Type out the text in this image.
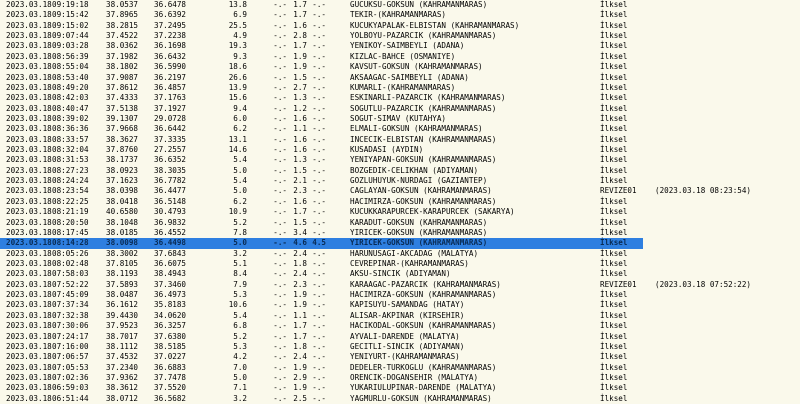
2023.03.18 09:19:18 38.0537 36.6478	13.8	-.- 1.7 -.-	GUCUKSU-GOKSUN (KAHRAMANMARAS)	İlksel
2023.03.18 09:15:42 37.8965 36.6392	6.9	-.- 1.7 -.-	TEKIR-(KAHRAMANMARAS)	İlksel
2023.03.18 09:15:02 38.2815 37.2495	25.5	-.- 1.6 -.-	KUCUKYAPALAK-ELBISTAN (KAHRAMANMARAS)	İlksel
2023.03.18 09:07:44 37.4522 37.2238	4.9	-.- 2.8 -.-	YOLBOYU-PAZARCIK (KAHRAMANMARAS)	İlksel
2023.03.18 09:03:28 38.0362 36.1698	19.3	-.- 1.7 -.-	YENIKOY-SAIMBEYLI (ADANA)	İlksel
2023.03.18 08:56:39 37.1982 36.6432	9.3	-.- 1.9 -.-	KIZLAC-BAHCE (OSMANIYE)	İlksel
2023.03.18 08:55:04 38.1802 36.5990	18.6	-.- 1.9 -.-	KAVSUT-GOKSUN (KAHRAMANMARAS)	İlksel
2023.03.18 08:53:40 37.9087 36.2197	26.6	-.- 1.5 -.-	AKSAAGAC-SAIMBEYLI (ADANA)	İlksel
2023.03.18 08:49:20 37.8612 36.4857	13.9	-.- 2.7 -.-	KUMARLI-(KAHRAMANMARAS)	İlksel
2023.03.18 08:42:03 37.4333 37.1763	15.6	-.- 1.3 -.-	ESKINARLI-PAZARCIK (KAHRAMANMARAS)	İlksel
2023.03.18 08:40:47 37.5138 37.1927	9.4	-.- 1.2 -.-	SOGUTLU-PAZARCIK (KAHRAMANMARAS)	İlksel
2023.03.18 08:39:02 39.1307 29.0728	6.0	-.- 1.6 -.-	SOGUT-SIMAV (KUTAHYA)	İlksel
2023.03.18 08:36:36 37.9668 36.6442	6.2	-.- 1.1 -.-	ELMALI-GOKSUN (KAHRAMANMARAS)	İlksel
2023.03.18 08:33:57 38.3627 37.3335	13.1	-.- 1.6 -.-	INCECIK-ELBISTAN (KAHRAMANMARAS)	İlksel
2023.03.18 08:32:04 37.8760 27.2557	14.6	-.- 1.6 -.-	KUSADASI (AYDIN)	İlksel
2023.03.18 08:31:53 38.1737 36.6352	5.4	-.- 1.3 -.-	YENIYAPAN-GOKSUN (KAHRAMANMARAS)	İlksel
2023.03.18 08:27:23 38.0923 38.3035	5.0	-.- 1.5 -.-	BOZGEDIK-CELIKHAN (ADIYAMAN)	İlksel
2023.03.18 08:24:24 37.1623 36.7782	5.4	-.- 2.1 -.-	GOZLUHUYUK-NURDAGI (GAZIANTEP)	İlksel
2023.03.18 08:23:54 38.0398 36.4477	5.0	-.- 2.3 -.-	CAGLAYAN-GOKSUN (KAHRAMANMARAS)	REVIZE01 (2023.03.18 08:23:54)
2023.03.18 08:22:25 38.0418 36.5148	6.2	-.- 1.6 -.-	HACIMIRZA-GOKSUN (KAHRAMANMARAS)	İlksel
2023.03.18 08:21:19 40.6580 30.4793	10.9	-.- 1.7 -.-	KUCUKKARAPURCEK-KARAPURCEK (SAKARYA)	İlksel
2023.03.18 08:20:50 38.1048 36.9832	5.2	-.- 1.5 -.-	KARADUT-GOKSUN (KAHRAMANMARAS)	İlksel
2023.03.18 08:17:45 38.0185 36.4552	7.8	-.- 3.4 -.-	YIRICEK-GOKSUN (KAHRAMANMARAS)	İlksel
2023.03.18 08:14:28 38.0098 36.4498	5.0	-.- 4.6 4.5	YIRICEK-GOKSUN (KAHRAMANMARAS)	İlksel
2023.03.18 08:05:26 38.3002 37.6843	3.2	-.- 2.4 -.-	HARUNUSAGI-AKCADAG (MALATYA)	İlksel
2023.03.18 08:02:48 37.8105 36.6075	5.1	-.- 1.8 -.-	CEVREPINAR-(KAHRAMANMARAS)	İlksel
2023.03.18 07:58:03 38.1193 38.4943	8.4	-.- 2.4 -.-	AKSU-SINCIK (ADIYAMAN)	İlksel
2023.03.18 07:52:22 37.5893 37.3460	7.9	-.- 2.3 -.-	KARAAGAC-PAZARCIK (KAHRAMANMARAS)	REVIZE01 (2023.03.18 07:52:22)
2023.03.18 07:45:09 38.0487 36.4973	5.3	-.- 1.9 -.-	HACIMIRZA-GOKSUN (KAHRAMANMARAS)	İlksel
2023.03.18 07:37:34 36.1612 35.8183	10.6	-.- 1.9 -.-	KAPISUYU-SAMANDAG (HATAY)	İlksel
2023.03.18 07:32:38 39.4430 34.0620	5.4	-.- 1.1 -.-	ALISAR-AKPINAR (KIRSEHIR)	İlksel
2023.03.18 07:30:06 37.9523 36.3257	6.8	-.- 1.7 -.-	HACIKODAL-GOKSUN (KAHRAMANMARAS)	İlksel
2023.03.18 07:24:17 38.7017 37.6380	5.2	-.- 1.7 -.-	AYVALI-DARENDE (MALATYA)	İlksel
2023.03.18 07:16:00 38.1112 38.5185	5.3	-.- 1.8 -.-	GECITLI-SINCIK (ADIYAMAN)	İlksel
2023.03.18 07:06:57 37.4532 37.0227	4.2	-.- 2.4 -.-	YENIYURT-(KAHRAMANMARAS)	İlksel
2023.03.18 07:05:53 37.2340 36.6883	7.0	-.- 1.9 -.-	DEDELER-TURKOGLU (KAHRAMANMARAS)	İlksel
2023.03.18 07:02:36 37.9362 37.7478	5.0	-.- 2.9 -.-	ORENCIK-DOGANSEHIR (MALATYA)	İlksel
2023.03.18 06:59:03 38.3612 37.5520	7.1	-.- 1.9 -.-	YUKARIULUPINAR-DARENDE (MALATYA)	İlksel
2023.03.18 06:51:44 38.0712 36.5682	3.2	-.- 2.5 -.-	YAGMURLU-GOKSUN (KAHRAMANMARAS)	İlksel
